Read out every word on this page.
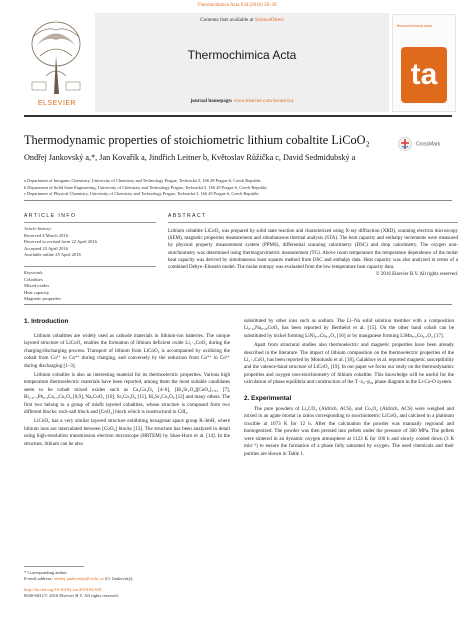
Thermochimica Acta 634 (2016) 26–30
Contents lists available at ScienceDirect
Thermochimica Acta
journal homepage: www.elsevier.com/locate/tca
ELSEVIER
thermochimica acta
ta
Thermodynamic properties of stoichiometric lithium cobaltite LiCoO₂	CrossMark
Ondřej Jankovský a,*, Jan Kovařík a, Jindřich Leitner b, Květoslav Růžička c, David Sedmidubský a
a Department of Inorganic Chemistry, University of Chemistry and Technology Prague, Technická 5, 166 28 Prague 6, Czech Republic
b Department of Solid State Engineering, University of Chemistry and Technology Prague, Technická 5, 166 28 Prague 6, Czech Republic
c Department of Physical Chemistry, University of Chemistry and Technology Prague, Technická 5, 166 28 Prague 6, Czech Republic
ARTICLE INFO
Article history:
Received 4 March 2016
Received in revised form 22 April 2016
Accepted 23 April 2016
Available online 25 April 2016
Keywords:
Cobaltites
Mixed oxides
Heat capacity
Magnetic properties
ABSTRACT
Lithium cobaltite LiCoO₂ was prepared by solid state reaction and characterized using X-ray diffraction (XRD), scanning electron microscopy (SEM), magnetic properties measurement and simultaneous thermal analysis (STA). The heat capacity and enthalpy increments were measured by physical property measurement system (PPMS), differential scanning calorimetry (DSC) and drop calorimetry. The oxygen non-stoichiometry was determined using thermogravimetric measurement (TG). Above room temperature the temperature dependence of the molar heat capacity was derived by simultaneous least squares method from DSC and enthalpy data. Heat capacity was also analyzed in terms of a combined Debye–Einstein model. The molar entropy was evaluated from the low temperature heat capacity data.
© 2016 Elsevier B.V. All rights reserved.
1. Introduction

Lithium cobaltites are widely used as cathode materials in lithium-ion batteries. The unique layered structure of LiCoO₂ enables the formation of lithium deficient oxide Li₁₋ₓCoO₂ during the charging/discharging process. Transport of lithium from LiCoO₂ is accompanied by oxidizing the cobalt from Co³⁺ to Co⁴⁺ during charging, and conversely by the reduction from Co⁴⁺ to Co³⁺ during discharging [1–3].

Lithium cobaltite is also an interesting material for its thermoelectric properties. Various high temperature thermoelectric materials have been reported, among them the most suitable candidates seem to be cobalt mixed oxides such as Ca₃Co₄O₉ [4–6], [Bi₂Sr₂O₄][CoO₂]₁.₈₂ [7], Bi₁.₆₋ₓPb₀.₄Ca₂.₅Co₂O₉ [8,9], NaₓCoO₂ [10], Sr₃Co₄O₉ [11], Bi₂Sr₂Co₂O₉ [12] and many others. The first two belong to a group of misfit layered cobaltites, whose structure is composed from two different blocks: rock-salt block and [CoO₂] block which is isostructural to CdI₂.

LiCoO₂ has a very similar layered structure exhibiting hexagonal space group R-3mH, where lithium ions are intercalated between [CoO₂] blocks [13]. The structure has been analyzed in detail using high-resolution transmission electron microscope (HRTEM) by Shao-Horn et al. [14]. In the structure, lithium can be also

substituted by other ions such as sodium. The Li–Na solid solution member with a composition Li₀.₄₃Na₀.₃₆CoO₂ has been reported by Berthelot et al. [15]. On the other hand cobalt can be substituted by nickel forming LiNi₀.₇Co₀.₃O₂ [16] or by manganese forming LiMn₀.₅Co₀.₅O₂ [17].

Apart from structural studies also thermoelectric and magnetic properties have been already described in the literature. The impact of lithium composition on the thermoelectric properties of the Li₁₋ₓCoO₂ has been reported by Motohashi et al. [18], Galakhov et al. reported magnetic susceptibility and the valence-band structure of LiCoO₂ [19]. In our paper we focus our study on the thermodynamic properties and oxygen non-stoichiometry of lithium cobaltite. This knowledge will be useful for the calculation of phase equilibria and construction of the T–x₀–p₀₂ phase diagram in the Li-Co-O system.

2. Experimental

The pure powders of Li₂CO₃ (Aldrich, ACS), and Co₃O₄ (Aldrich, ACS) were weighed and mixed in an agate mortar in ratios corresponding to stoichiometric LiCoO₂ and calcined in a platinum crucible at 1073 K for 12 h. After the calcination the powder was manually reground and homogenized. The powder was then pressed into pellets under the pressure of 300 MPa. The pellets were sintered in an dynamic oxygen atmosphere at 1123 K for 100 h and slowly cooled down (3 K min⁻¹) to ensure the formation of a phase fully saturated by oxygen. The used chemicals and their purities are shown in Table 1.

* Corresponding author.
E-mail address: ondrej.jankovsky@vscht.cz (O. Jankovský).
http://dx.doi.org/10.1016/j.tca.2016.04.018
0040-6031/© 2016 Elsevier B.V. All rights reserved.
